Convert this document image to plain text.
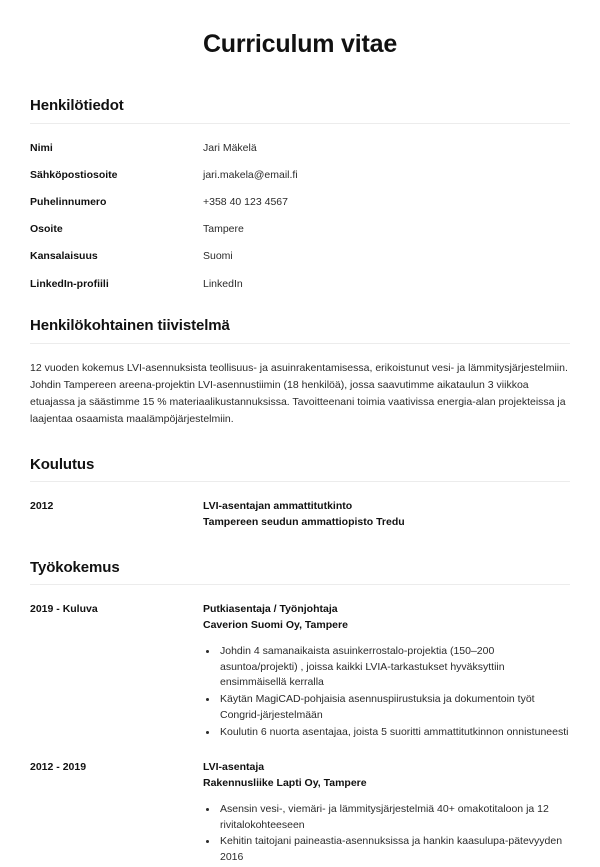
Curriculum vitae
Henkilötiedot
Nimi	Jari Mäkelä
Sähköpostiosoite	jari.makela@email.fi
Puhelinnumero	+358 40 123 4567
Osoite	Tampere
Kansalaisuus	Suomi
LinkedIn-profiili	LinkedIn
Henkilökohtainen tiivistelmä

12 vuoden kokemus LVI-asennuksista teollisuus- ja asuinrakentamisessa, erikoistunut vesi- ja lämmitysjärjestelmiin. Johdin Tampereen areena-projektin LVI-asennustiimin (18 henkilöä), jossa saavutimme aikataulun 3 viikkoa etuajassa ja säästimme 15 % materiaalikustannuksissa. Tavoitteenani toimia vaativissa energia-alan projekteissa ja laajentaa osaamista maalämpöjärjestelmiin.

Koulutus
2012	LVI-asentajan ammattitutkinto
Tampereen seudun ammattiopisto Tredu
Työkokemus
2019 - Kuluva	Putkiasentaja / Työnjohtaja
Caverion Suomi Oy, Tampere
• Johdin 4 samanaikaista asuinkerrostalo-projektia (150–200 asuntoa/projekti) , joissa kaikki LVIA-tarkastukset hyväksyttiin ensimmäisellä kerralla
• Käytän MagiCAD-pohjaisia asennuspiirustuksia ja dokumentoin työt Congrid-järjestelmään
• Koulutin 6 nuorta asentajaa, joista 5 suoritti ammattitutkinnon onnistuneesti
2012 - 2019	LVI-asentaja
Rakennusliike Lapti Oy, Tampere
• Asensin vesi-, viemäri- ja lämmitysjärjestelmiä 40+ omakotitaloon ja 12 rivitalokohteeseen
• Kehitin taitojani paineastia-asennuksissa ja hankin kaasulupa-pätevyyden 2016
